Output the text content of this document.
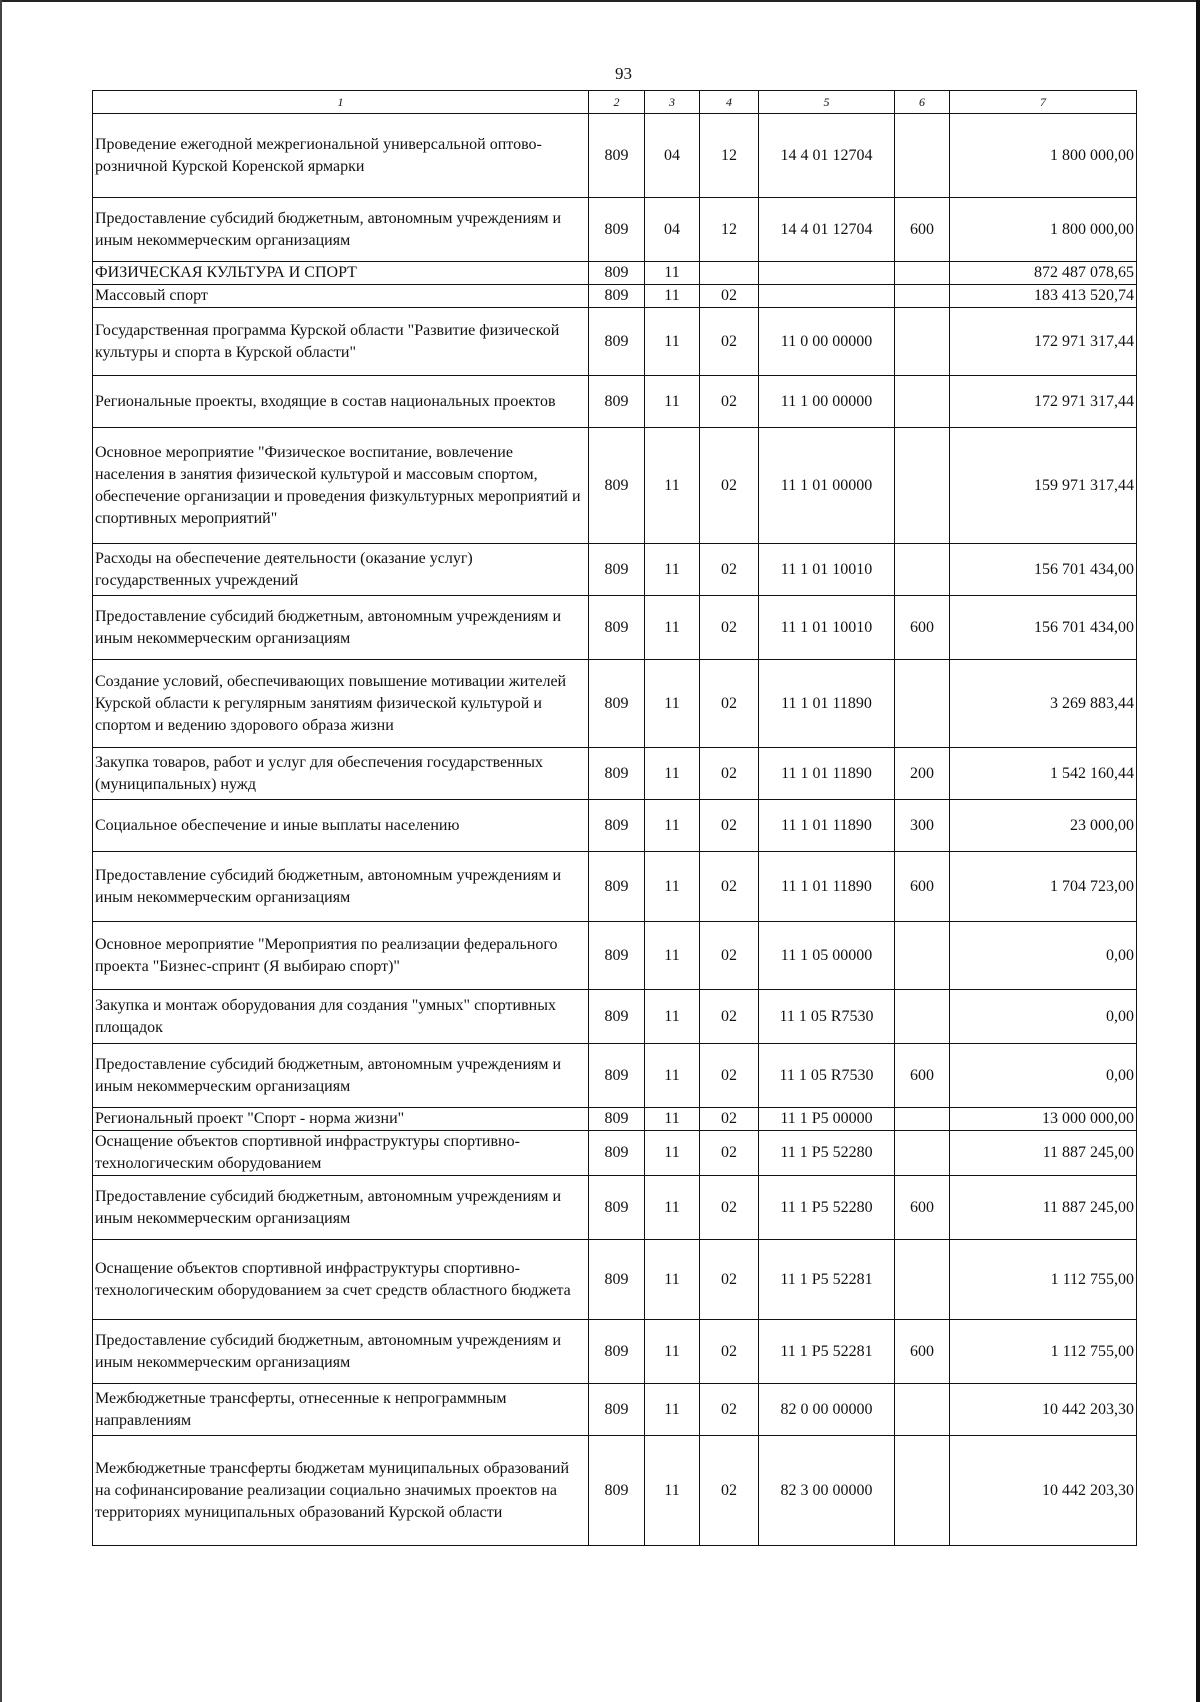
93
1	2	3	4	5	6	7
Проведение ежегодной межрегиональной универсальной оптово-розничной Курской Коренской ярмарки	809	04	12	14 4 01 12704		1 800 000,00
Предоставление субсидий бюджетным, автономным учреждениям и иным некоммерческим организациям	809	04	12	14 4 01 12704	600	1 800 000,00
ФИЗИЧЕСКАЯ КУЛЬТУРА И СПОРТ	809	11				872 487 078,65
Массовый спорт	809	11	02			183 413 520,74
Государственная программа Курской области "Развитие физической культуры и спорта в Курской области"	809	11	02	11 0 00 00000		172 971 317,44
Региональные проекты, входящие в состав национальных проектов	809	11	02	11 1 00 00000		172 971 317,44
Основное мероприятие "Физическое воспитание, вовлечение населения в занятия физической культурой и массовым спортом, обеспечение организации и проведения физкультурных мероприятий и спортивных мероприятий"	809	11	02	11 1 01 00000		159 971 317,44
Расходы на обеспечение деятельности (оказание услуг) государственных учреждений	809	11	02	11 1 01 10010		156 701 434,00
Предоставление субсидий бюджетным, автономным учреждениям и иным некоммерческим организациям	809	11	02	11 1 01 10010	600	156 701 434,00
Создание условий, обеспечивающих повышение мотивации жителей Курской области к регулярным занятиям физической культурой и спортом и ведению здорового образа жизни	809	11	02	11 1 01 11890		3 269 883,44
Закупка товаров, работ и услуг для обеспечения государственных (муниципальных) нужд	809	11	02	11 1 01 11890	200	1 542 160,44
Социальное обеспечение и иные выплаты населению	809	11	02	11 1 01 11890	300	23 000,00
Предоставление субсидий бюджетным, автономным учреждениям и иным некоммерческим организациям	809	11	02	11 1 01 11890	600	1 704 723,00
Основное мероприятие "Мероприятия по реализации федерального проекта "Бизнес-спринт (Я выбираю спорт)"	809	11	02	11 1 05 00000		0,00
Закупка и монтаж оборудования для создания "умных" спортивных площадок	809	11	02	11 1 05 R7530		0,00
Предоставление субсидий бюджетным, автономным учреждениям и иным некоммерческим организациям	809	11	02	11 1 05 R7530	600	0,00
Региональный проект "Спорт - норма жизни"	809	11	02	11 1 P5 00000		13 000 000,00
Оснащение объектов спортивной инфраструктуры спортивно-технологическим оборудованием	809	11	02	11 1 P5 52280		11 887 245,00
Предоставление субсидий бюджетным, автономным учреждениям и иным некоммерческим организациям	809	11	02	11 1 P5 52280	600	11 887 245,00
Оснащение объектов спортивной инфраструктуры спортивно-технологическим оборудованием за счет средств областного бюджета	809	11	02	11 1 P5 52281		1 112 755,00
Предоставление субсидий бюджетным, автономным учреждениям и иным некоммерческим организациям	809	11	02	11 1 P5 52281	600	1 112 755,00
Межбюджетные трансферты, отнесенные к непрограммным направлениям	809	11	02	82 0 00 00000		10 442 203,30
Межбюджетные трансферты бюджетам муниципальных образований на софинансирование реализации социально значимых проектов на территориях муниципальных образований Курской области	809	11	02	82 3 00 00000		10 442 203,30
